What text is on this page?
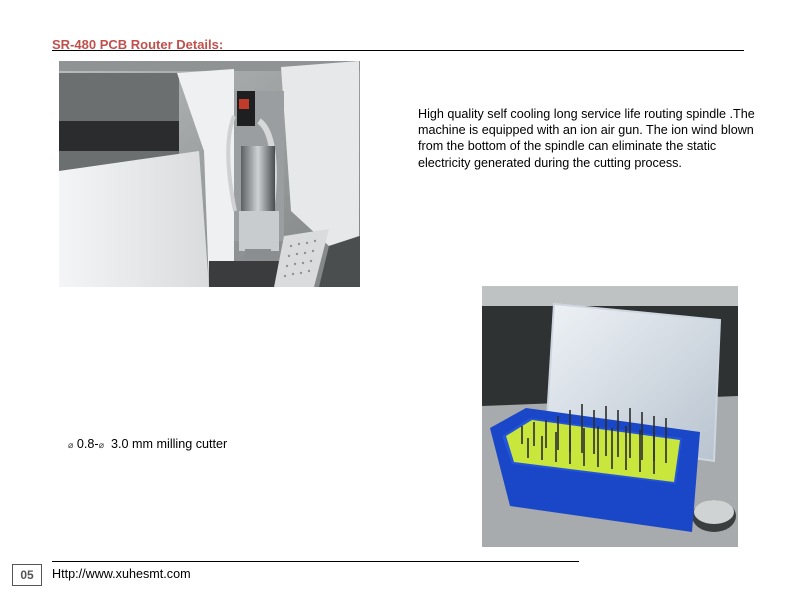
SR-480 PCB Router Details:
High quality self cooling long service life routing spindle .The machine is equipped with an ion air gun. The ion wind blown from the bottom of the spindle can eliminate the static electricity generated during the cutting process.
⌀ 0.8-⌀  3.0 mm milling cutter
05	Http://www.xuhesmt.com
